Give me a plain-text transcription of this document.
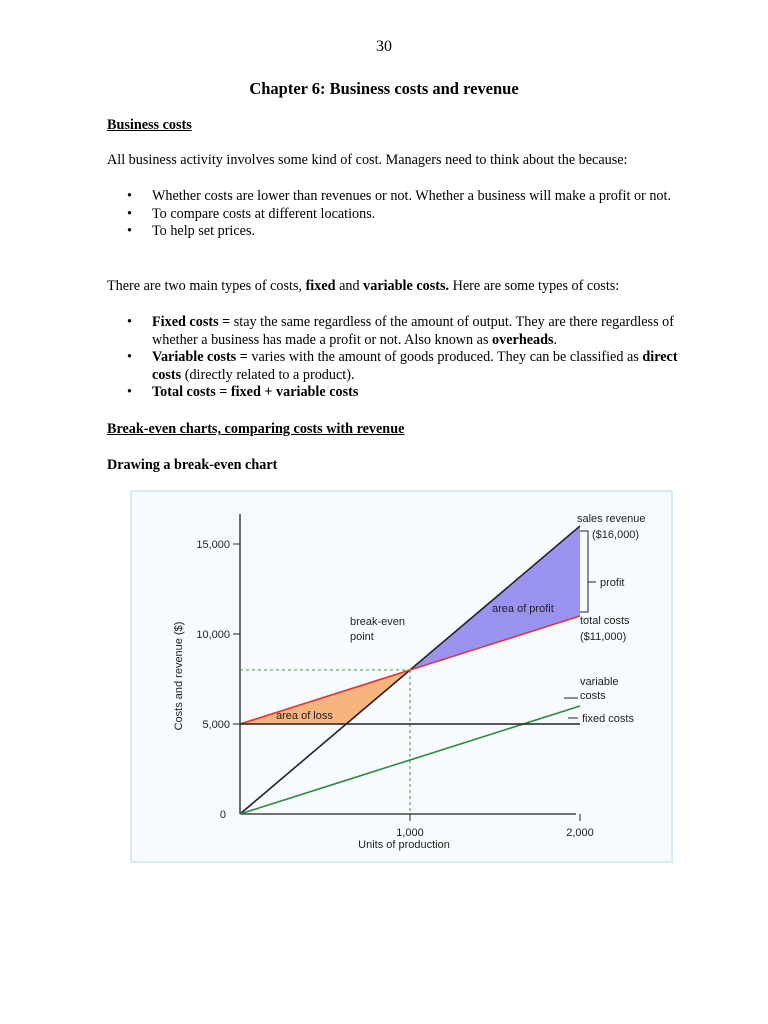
30
Chapter 6: Business costs and revenue
Business costs
All business activity involves some kind of cost. Managers need to think about the because:
• Whether costs are lower than revenues or not. Whether a business will make a profit or not.
• To compare costs at different locations.
• To help set prices.
There are two main types of costs, fixed and variable costs. Here are some types of costs:
• Fixed costs = stay the same regardless of the amount of output. They are there regardless of whether a business has made a profit or not. Also known as overheads.
• Variable costs = varies with the amount of goods produced. They can be classified as direct costs (directly related to a product).
• Total costs = fixed + variable costs
Break-even charts, comparing costs with revenue
Drawing a break-even chart
0
5,000
10,000
15,000
1,000	2,000
Costs and revenue ($)
Units of production
area of loss
area of profit
break-even
point
sales revenue
($16,000)
profit
total costs
($11,000)
variable
costs
fixed costs
